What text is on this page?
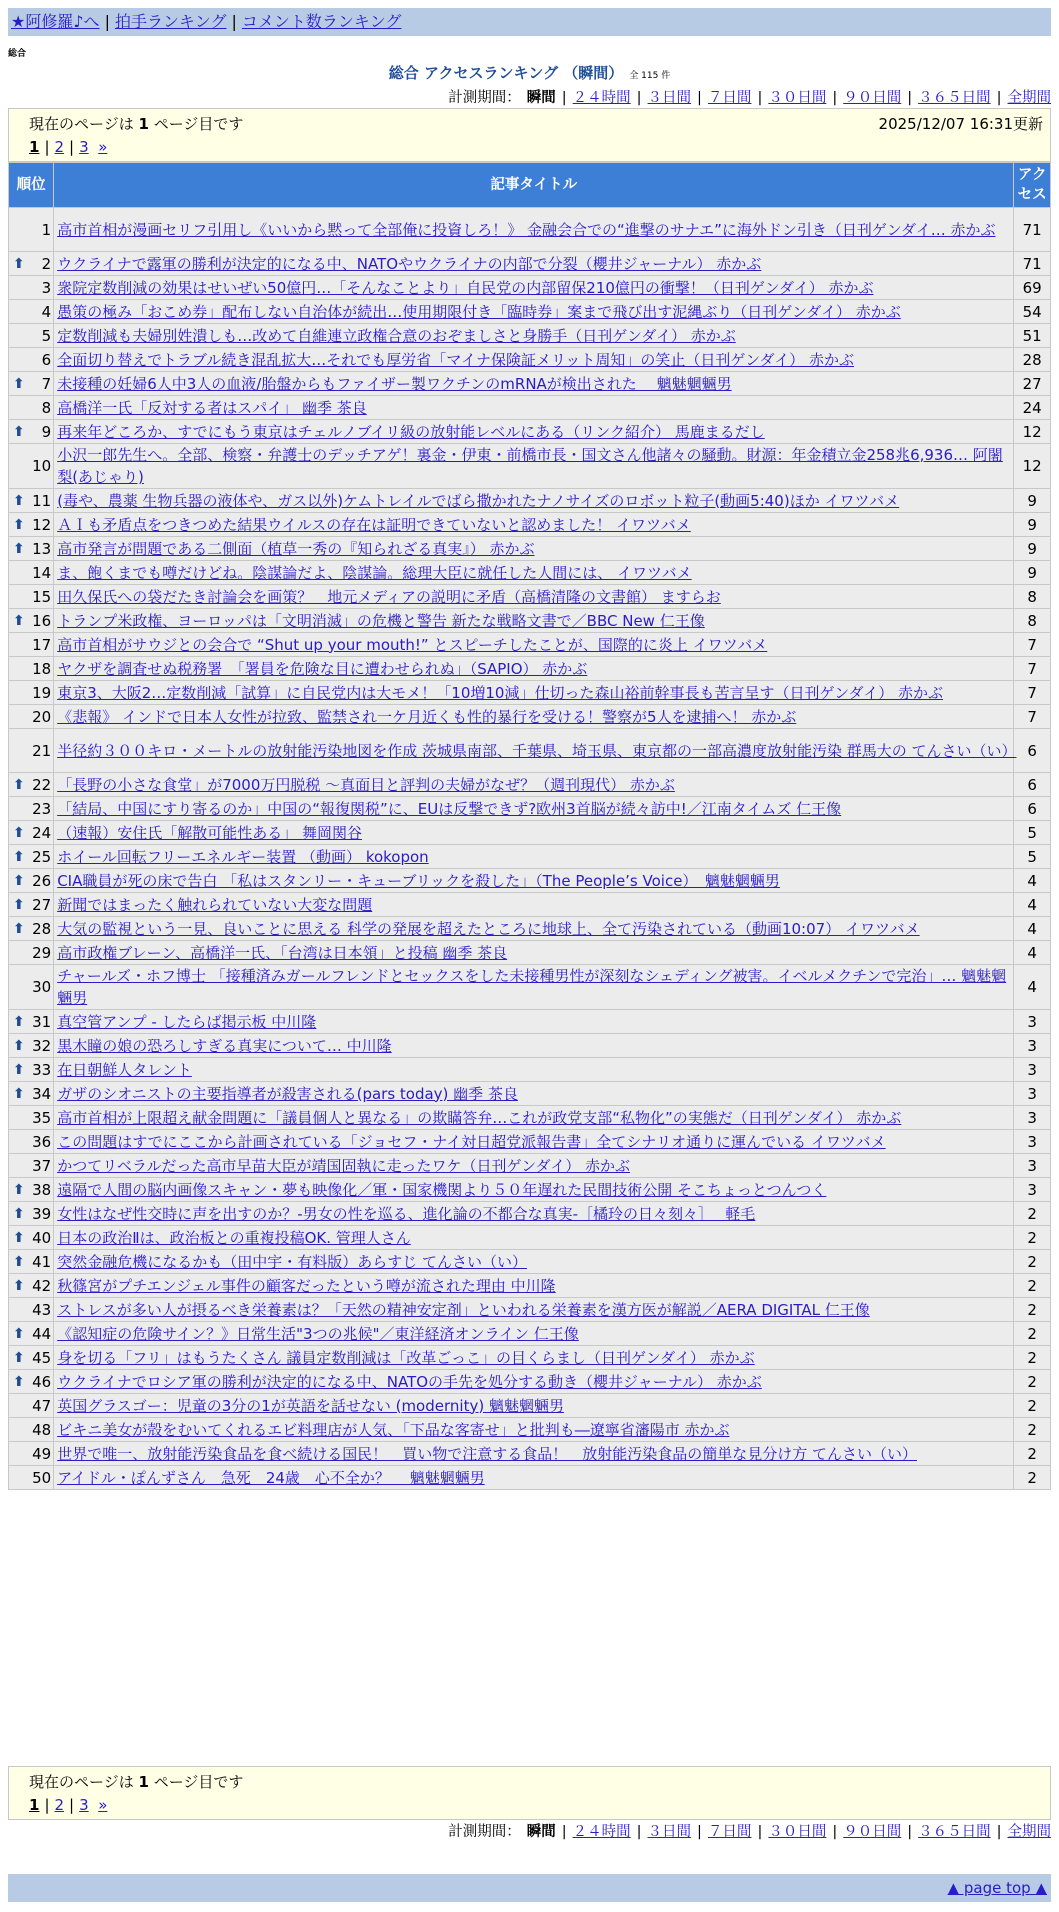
★阿修羅♪へ | 拍手ランキング | コメント数ランキング
総合
総合 アクセスランキング （瞬間） 全 115 件
計測期間： 瞬間 | ２４時間 | ３日間 | ７日間 | ３０日間 | ９０日間 | ３６５日間 | 全期間
現在のページは 1 ページ目です	2025/12/07 16:31更新
1 | 2 | 3 »
順位	記事タイトル	アクセス
1	高市首相が漫画セリフ引用し《いいから黙って全部俺に投資しろ！》 金融会合での“進撃のサナエ”に海外ドン引き（日刊ゲンダイ… 赤かぶ	71

⬆ 2	ウクライナで露軍の勝利が決定的になる中、NATOやウクライナの内部で分裂（櫻井ジャーナル） 赤かぶ	71
3	衆院定数削減の効果はせいぜい50億円…「そんなことより」自民党の内部留保210億円の衝撃！（日刊ゲンダイ） 赤かぶ	69
4	愚策の極み「おこめ券」配布しない自治体が続出…使用期限付き「臨時券」案まで飛び出す泥縄ぶり（日刊ゲンダイ） 赤かぶ	54
5	定数削減も夫婦別姓潰しも…改めて自維連立政権合意のおぞましさと身勝手（日刊ゲンダイ） 赤かぶ	51
6	全面切り替えでトラブル続き混乱拡大…それでも厚労省「マイナ保険証メリット周知」の笑止（日刊ゲンダイ） 赤かぶ	28

⬆ 7	未接種の妊婦6人中3人の血液/胎盤からもファイザー製ワクチンのmRNAが検出された　 魑魅魍魎男	27
8	高橋洋一氏「反対する者はスパイ」 幽季 茶良	24

⬆ 9	再来年どころか、すでにもう東京はチェルノブイリ級の放射能レベルにある（リンク紹介） 馬鹿まるだし	12
10	小沢一郎先生へ。全部、検察・弁護士のデッチアゲ！裏金・伊東・前橋市長・国文さん他諸々の騒動。財源：年金積立金258兆6,936… 阿闍梨(あじゃり)	12

⬆ 11	(毒や、農薬 生物兵器の液体や、ガス以外)ケムトレイルでばら撒かれたナノサイズのロボット粒子(動画5:40)ほか イワツバメ	9

⬆ 12	ＡＩも矛盾点をつきつめた結果ウイルスの存在は証明できていないと認めました！ イワツバメ	9

⬆ 13	高市発言が問題である二側面（植草一秀の『知られざる真実』） 赤かぶ	9
14	ま、飽くまでも噂だけどね。陰謀論だよ、陰謀論。総理大臣に就任した人間には、 イワツバメ	9
15	田久保氏への袋だたき討論会を画策？　地元メディアの説明に矛盾（高橋清隆の文書館） ますらお	8

⬆ 16	トランプ米政権、ヨーロッパは「文明消滅」の危機と警告 新たな戦略文書で／BBC New 仁王像	8
17	高市首相がサウジとの会合で “Shut up your mouth!” とスピーチしたことが、国際的に炎上 イワツバメ	7
18	ヤクザを調査せぬ税務署　「署員を危険な目に遭わせられぬ」（SAPIO） 赤かぶ	7
19	東京3、大阪2…定数削減「試算」に自民党内は大モメ！「10増10減」仕切った森山裕前幹事長も苦言呈す（日刊ゲンダイ） 赤かぶ	7
20	《悲報》 インドで日本人女性が拉致、監禁され一ケ月近くも性的暴行を受ける！警察が5人を逮捕へ！ 赤かぶ	7
21	半径約３００キロ・メートルの放射能汚染地図を作成 茨城県南部、千葉県、埼玉県、東京都の一部高濃度放射能汚染 群馬大の てんさい（い）	6

⬆ 22	「長野の小さな食堂」が7000万円脱税 ～真面目と評判の夫婦がなぜ？（週刊現代） 赤かぶ	6
23	「結局、中国にすり寄るのか」中国の“報復関税”に、EUは反撃できず?欧州3首脳が続々訪中!／江南タイムズ 仁王像	6

⬆ 24	（速報）安住氏「解散可能性ある」 舞岡関谷	5

⬆ 25	ホイール回転フリーエネルギー装置 （動画） kokopon	5

⬆ 26	CIA職員が死の床で告白 「私はスタンリー・キューブリックを殺した」（The People’s Voice）　魑魅魍魎男	4

⬆ 27	新聞ではまったく触れられていない大変な問題	4

⬆ 28	大気の監視という一見、良いことに思える 科学の発展を超えたところに地球上、全て汚染されている（動画10:07） イワツバメ	4
29	高市政権ブレーン、高橋洋一氏、「台湾は日本領」と投稿 幽季 茶良	4
30	チャールズ・ホフ博士 「接種済みガールフレンドとセックスをした未接種男性が深刻なシェディング被害。イベルメクチンで完治」… 魑魅魍魎男	4

⬆ 31	真空管アンプ - したらば掲示板 中川隆	3

⬆ 32	黒木瞳の娘の恐ろしすぎる真実について… 中川隆	3

⬆ 33	在日朝鮮人タレント	3

⬆ 34	ガザのシオニストの主要指導者が殺害される(pars today) 幽季 茶良	3
35	高市首相が上限超え献金問題に「議員個人と異なる」の欺瞞答弁…これが政党支部“私物化”の実態だ（日刊ゲンダイ） 赤かぶ	3
36	この問題はすでにここから計画されている「ジョセフ・ナイ対日超党派報告書」全てシナリオ通りに運んでいる イワツバメ	3
37	かつてリベラルだった高市早苗大臣が靖国固執に走ったワケ（日刊ゲンダイ） 赤かぶ	3

⬆ 38	遠隔で人間の脳内画像スキャン・夢も映像化／軍・国家機関より５０年遅れた民間技術公開 そこちょっとつんつく	3

⬆ 39	女性はなぜ性交時に声を出すのか？-男女の性を巡る、進化論の不都合な真実-［橘玲の日々刻々］　 軽毛	2

⬆ 40	日本の政治Ⅱは、政治板との重複投稿OK. 管理人さん	2

⬆ 41	突然金融危機になるかも（田中宇・有料版）あらすじ てんさい（い）	2

⬆ 42	秋篠宮がプチエンジェル事件の顧客だったという噂が流された理由 中川隆	2
43	ストレスが多い人が摂るべき栄養素は？「天然の精神安定剤」といわれる栄養素を漢方医が解説／AERA DIGITAL 仁王像	2

⬆ 44	《認知症の危険サイン？》日常生活"3つの兆候"／東洋経済オンライン 仁王像	2

⬆ 45	身を切る「フリ」はもうたくさん 議員定数削減は「改革ごっこ」の目くらまし（日刊ゲンダイ） 赤かぶ	2

⬆ 46	ウクライナでロシア軍の勝利が決定的になる中、NATOの手先を処分する動き（櫻井ジャーナル） 赤かぶ	2
47	英国グラスゴー：児童の3分の1が英語を話せない (modernity) 魑魅魍魎男	2
48	ビキニ美女が殻をむいてくれるエビ料理店が人気、「下品な客寄せ」と批判も―遼寧省瀋陽市 赤かぶ	2
49	世界で唯一、放射能汚染食品を食べ続ける国民！　買い物で注意する食品！　放射能汚染食品の簡単な見分け方 てんさい（い）	2
50	アイドル・ぽんずさん　急死　24歳　心不全か？　 魑魅魍魎男	2
現在のページは 1 ページ目です
1 | 2 | 3 »
計測期間： 瞬間 | ２４時間 | ３日間 | ７日間 | ３０日間 | ９０日間 | ３６５日間 | 全期間
▲ page top ▲
